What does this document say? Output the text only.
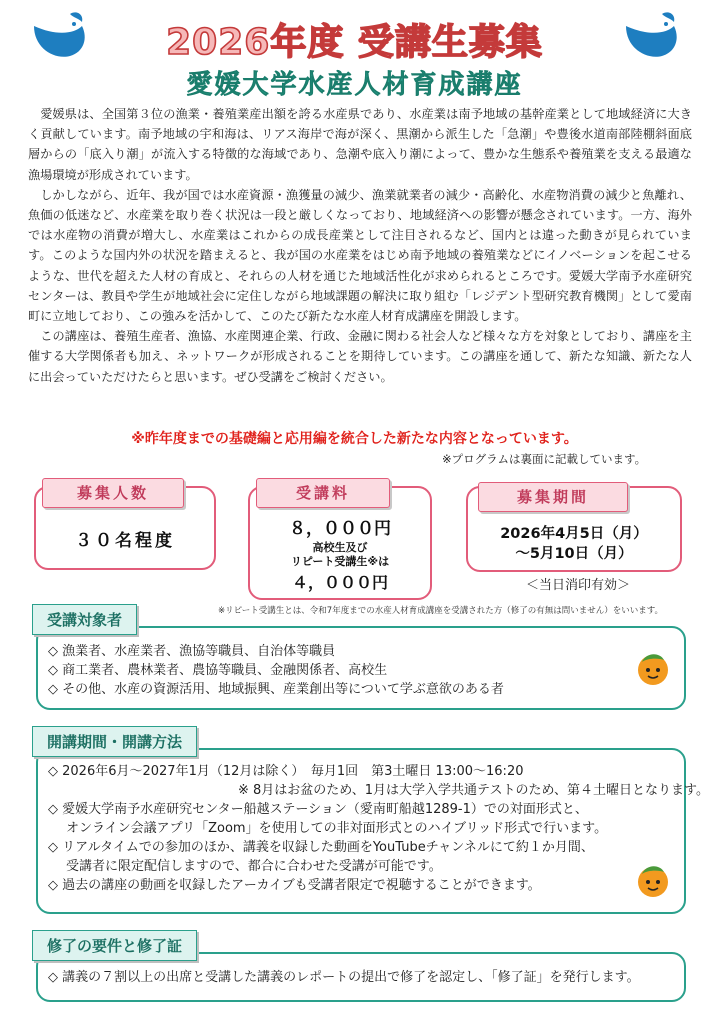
2026年度 受講生募集
愛媛大学水産人材育成講座

愛媛県は、全国第３位の漁業・養殖業産出額を誇る水産県であり、水産業は南予地域の基幹産業として地域経済に大きく貢献しています。南予地域の宇和海は、リアス海岸で海が深く、黒潮から派生した「急潮」や豊後水道南部陸棚斜面底層からの「底入り潮」が流入する特徴的な海域であり、急潮や底入り潮によって、豊かな生態系や養殖業を支える最適な漁場環境が形成されています。

しかしながら、近年、我が国では水産資源・漁獲量の減少、漁業就業者の減少・高齢化、水産物消費の減少と魚離れ、魚価の低迷など、水産業を取り巻く状況は一段と厳しくなっており、地域経済への影響が懸念されています。一方、海外では水産物の消費が増大し、水産業はこれからの成長産業として注目されるなど、国内とは違った動きが見られています。このような国内外の状況を踏まえると、我が国の水産業をはじめ南予地域の養殖業などにイノベーションを起こせるような、世代を超えた人材の育成と、それらの人材を通じた地域活性化が求められるところです。愛媛大学南予水産研究センターは、教員や学生が地域社会に定住しながら地域課題の解決に取り組む「レジデント型研究教育機関」として愛南町に立地しており、この強みを活かして、このたび新たな水産人材育成講座を開設します。

この講座は、養殖生産者、漁協、水産関連企業、行政、金融に関わる社会人など様々な方を対象としており、講座を主催する大学関係者も加え、ネットワークが形成されることを期待しています。この講座を通して、新たな知識、新たな人に出会っていただけたらと思います。ぜひ受講をご検討ください。

※昨年度までの基礎編と応用編を統合した新たな内容となっています。
※プログラムは裏面に記載しています。
募集人数
３０名程度
受講料
８，０００円
高校生及び
リピート受講生※は
４，０００円
募集期間
2026年4月5日（月）
～5月10日（月）
＜当日消印有効＞
※リピート受講生とは、令和7年度までの水産人材育成講座を受講された方（修了の有無は問いません）をいいます。
受講対象者
◇ 漁業者、水産業者、漁協等職員、自治体等職員
◇ 商工業者、農林業者、農協等職員、金融関係者、高校生
◇ その他、水産の資源活用、地域振興、産業創出等について学ぶ意欲のある者
開講期間・開講方法
◇ 2026年6月～2027年1月（12月は除く）　毎月1回　第3土曜日 13:00～16:20
※ 8月はお盆のため、1月は大学入学共通テストのため、第４土曜日となります。
◇ 愛媛大学南予水産研究センター船越ステーション（愛南町船越1289-1）での対面形式と、
オンライン会議アプリ「Zoom」を使用しての非対面形式とのハイブリッド形式で行います。
◇ リアルタイムでの参加のほか、講義を収録した動画をYouTubeチャンネルにて約１か月間、
受講者に限定配信しますので、都合に合わせた受講が可能です。
◇ 過去の講座の動画を収録したアーカイブも受講者限定で視聴することができます。
修了の要件と修了証
◇ 講義の７割以上の出席と受講した講義のレポートの提出で修了を認定し、「修了証」を発行します。
